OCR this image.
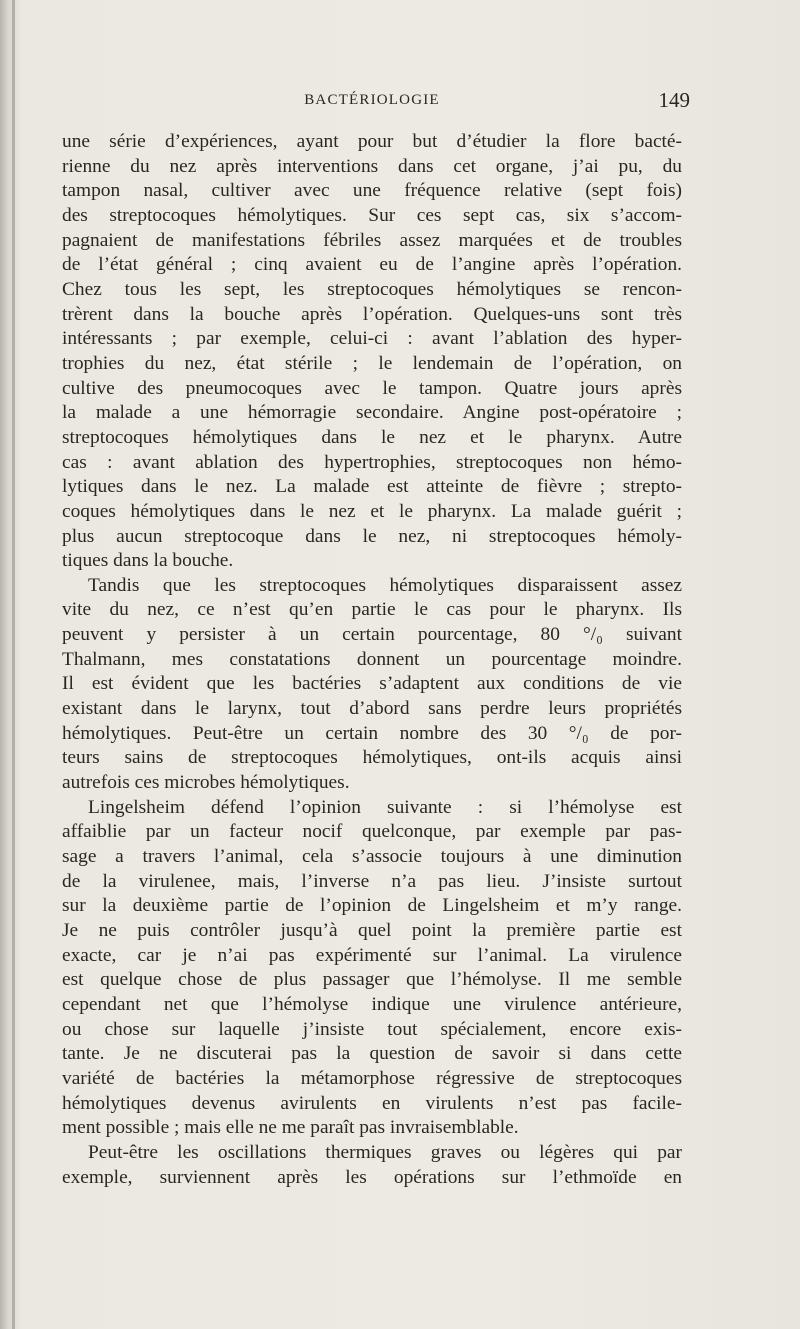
BACTÉRIOLOGIE	149
une série d’expériences, ayant pour but d’étudier la flore bacté-
rienne du nez après interventions dans cet organe, j’ai pu, du
tampon nasal, cultiver avec une fréquence relative (sept fois)
des streptocoques hémolytiques. Sur ces sept cas, six s’accom-
pagnaient de manifestations fébriles assez marquées et de troubles
de l’état général ; cinq avaient eu de l’angine après l’opération.
Chez tous les sept, les streptocoques hémolytiques se rencon-
trèrent dans la bouche après l’opération. Quelques-uns sont très
intéressants ; par exemple, celui-ci : avant l’ablation des hyper-
trophies du nez, état stérile ; le lendemain de l’opération, on
cultive des pneumocoques avec le tampon. Quatre jours après
la malade a une hémorragie secondaire. Angine post-opératoire ;
streptocoques hémolytiques dans le nez et le pharynx. Autre
cas : avant ablation des hypertrophies, streptocoques non hémo-
lytiques dans le nez. La malade est atteinte de fièvre ; strepto-
coques hémolytiques dans le nez et le pharynx. La malade guérit ;
plus aucun streptocoque dans le nez, ni streptocoques hémoly-
tiques dans la bouche.
Tandis que les streptocoques hémolytiques disparaissent assez
vite du nez, ce n’est qu’en partie le cas pour le pharynx. Ils
peuvent y persister à un certain pourcentage, 80 °/₀ suivant
Thalmann, mes constatations donnent un pourcentage moindre.
Il est évident que les bactéries s’adaptent aux conditions de vie
existant dans le larynx, tout d’abord sans perdre leurs propriétés
hémolytiques. Peut-être un certain nombre des 30 °/₀ de por-
teurs sains de streptocoques hémolytiques, ont-ils acquis ainsi
autrefois ces microbes hémolytiques.
Lingelsheim défend l’opinion suivante : si l’hémolyse est
affaiblie par un facteur nocif quelconque, par exemple par pas-
sage a travers l’animal, cela s’associe toujours à une diminution
de la virulenee, mais, l’inverse n’a pas lieu. J’insiste surtout
sur la deuxième partie de l’opinion de Lingelsheim et m’y range.
Je ne puis contrôler jusqu’à quel point la première partie est
exacte, car je n’ai pas expérimenté sur l’animal. La virulence
est quelque chose de plus passager que l’hémolyse. Il me semble
cependant net que l’hémolyse indique une virulence antérieure,
ou chose sur laquelle j’insiste tout spécialement, encore exis-
tante. Je ne discuterai pas la question de savoir si dans cette
variété de bactéries la métamorphose régressive de streptocoques
hémolytiques devenus avirulents en virulents n’est pas facile-
ment possible ; mais elle ne me paraît pas invraisemblable.
Peut-être les oscillations thermiques graves ou légères qui par
exemple, surviennent après les opérations sur l’ethmoïde en
